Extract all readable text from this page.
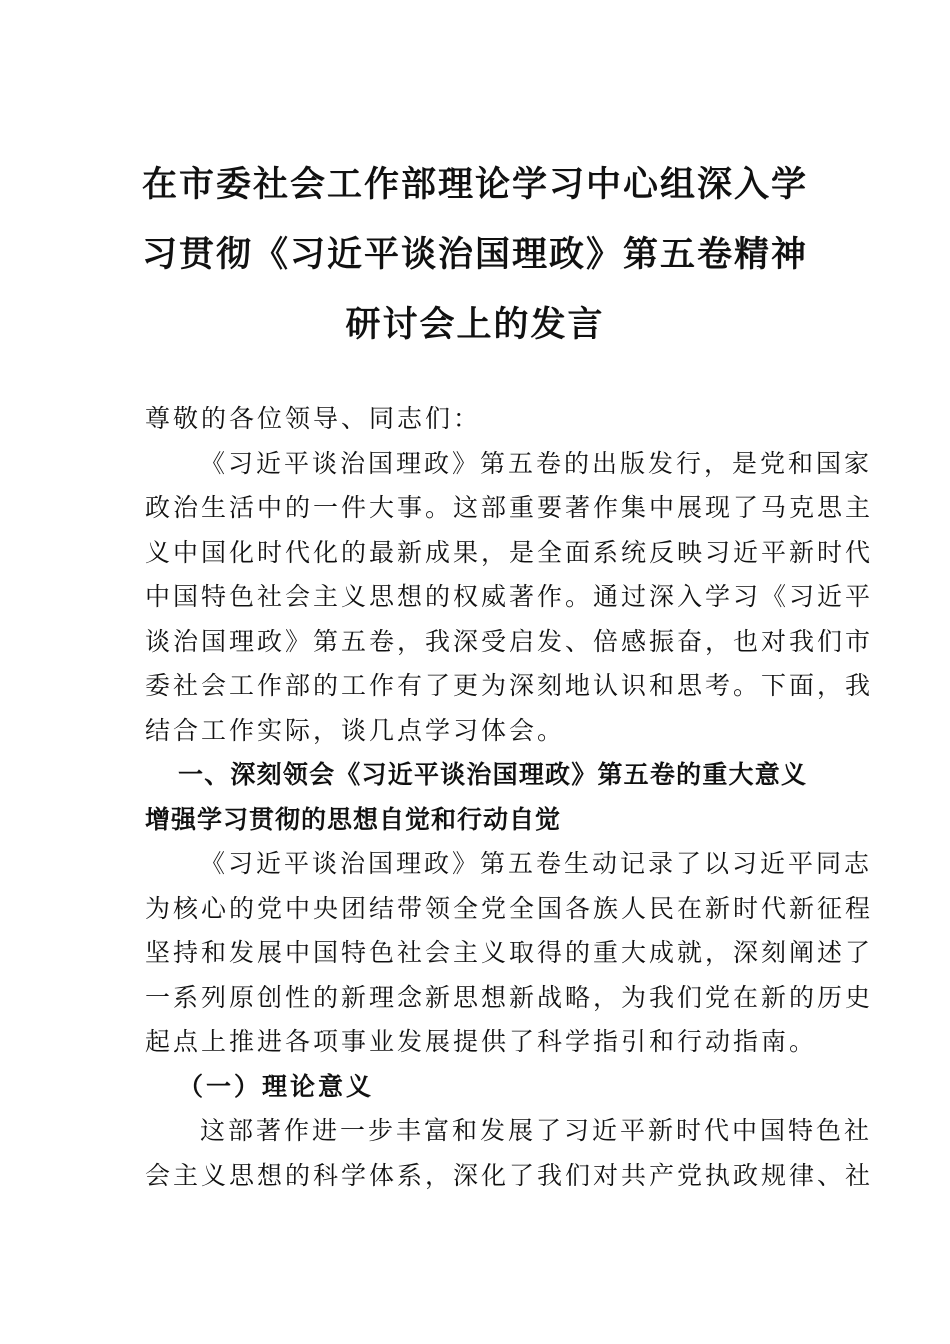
在市委社会工作部理论学习中心组深入学
习贯彻《习近平谈治国理政》第五卷精神
研讨会上的发言
尊敬的各位领导、同志们：
《习近平谈治国理政》第五卷的出版发行，是党和国家
政治生活中的一件大事。这部重要著作集中展现了马克思主
义中国化时代化的最新成果，是全面系统反映习近平新时代
中国特色社会主义思想的权威著作。通过深入学习《习近平
谈治国理政》第五卷，我深受启发、倍感振奋，也对我们市
委社会工作部的工作有了更为深刻地认识和思考。下面，我
结合工作实际，谈几点学习体会。
一、深刻领会《习近平谈治国理政》第五卷的重大意义
增强学习贯彻的思想自觉和行动自觉
《习近平谈治国理政》第五卷生动记录了以习近平同志
为核心的党中央团结带领全党全国各族人民在新时代新征程
坚持和发展中国特色社会主义取得的重大成就，深刻阐述了
一系列原创性的新理念新思想新战略，为我们党在新的历史
起点上推进各项事业发展提供了科学指引和行动指南。
（一）理论意义
这部著作进一步丰富和发展了习近平新时代中国特色社
会主义思想的科学体系，深化了我们对共产党执政规律、社
